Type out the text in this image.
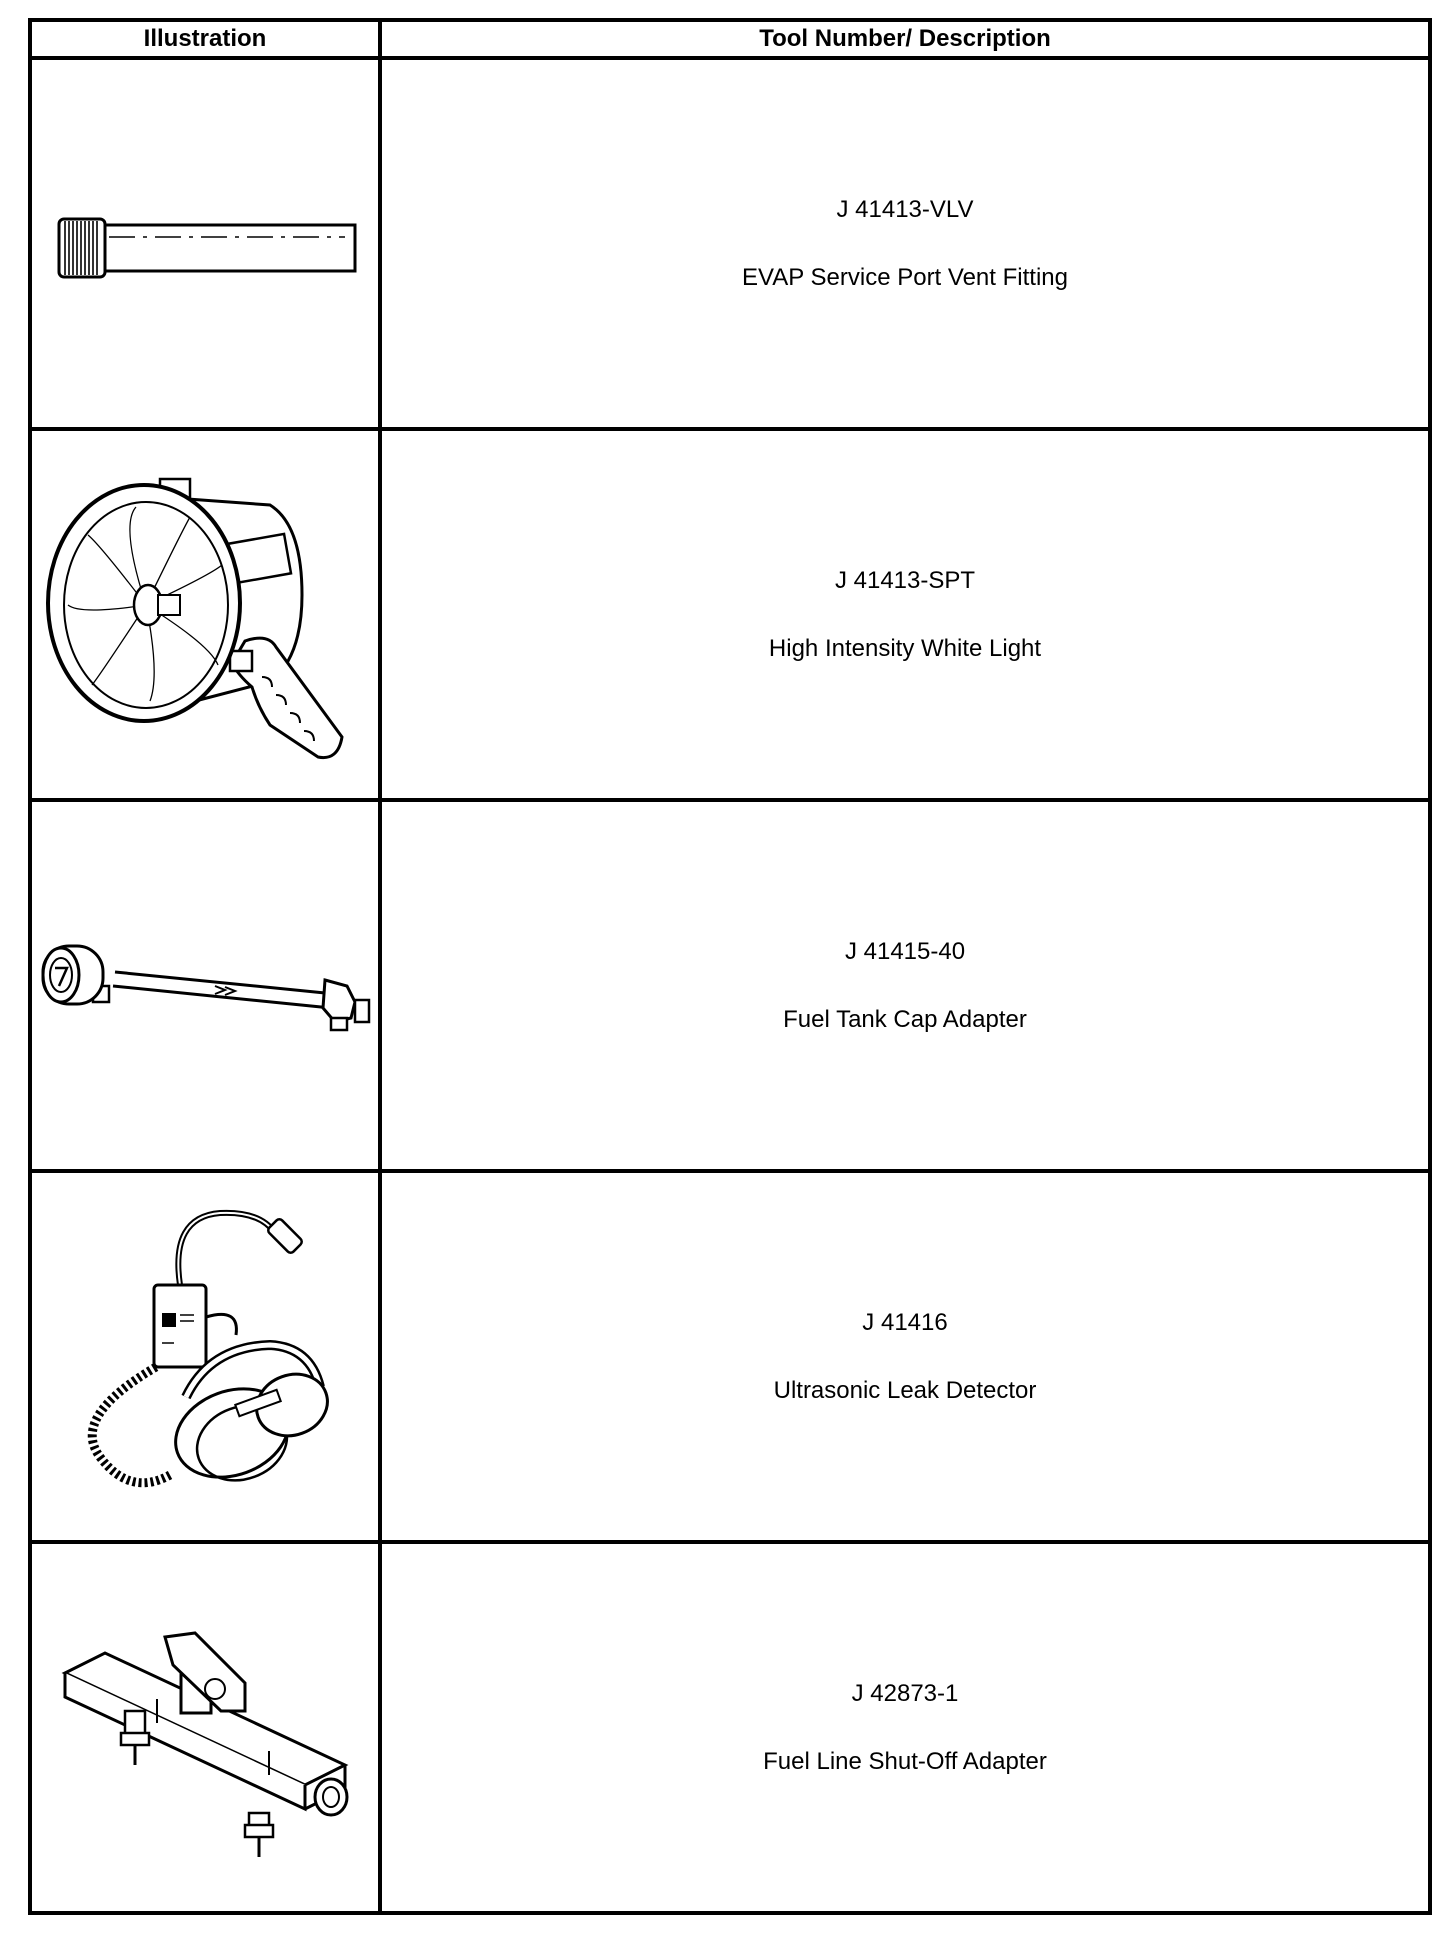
Illustration	Tool Number/ Description

J 41413-VLV
EVAP Service Port Vent Fitting

J 41413-SPT
High Intensity White Light

J 41415-40
Fuel Tank Cap Adapter

J 41416
Ultrasonic Leak Detector

J 42873-1
Fuel Line Shut-Off Adapter
